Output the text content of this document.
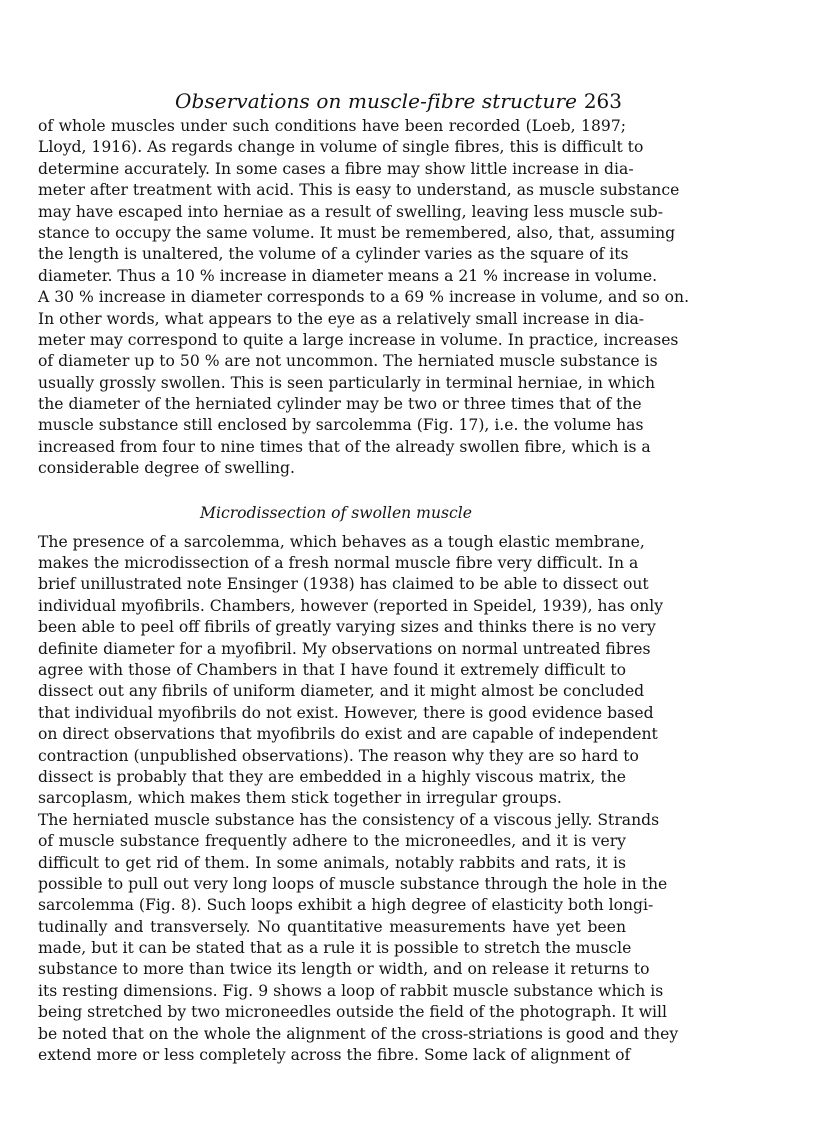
Observations on muscle-fibre structure 263
of whole muscles under such conditions have been recorded (Loeb, 1897;
Lloyd, 1916). As regards change in volume of single fibres, this is difficult to
determine accurately. In some cases a fibre may show little increase in dia-
meter after treatment with acid. This is easy to understand, as muscle substance
may have escaped into herniae as a result of swelling, leaving less muscle sub-
stance to occupy the same volume. It must be remembered, also, that, assuming
the length is unaltered, the volume of a cylinder varies as the square of its
diameter. Thus a 10 % increase in diameter means a 21 % increase in volume.
A 30 % increase in diameter corresponds to a 69 % increase in volume, and so on.
In other words, what appears to the eye as a relatively small increase in dia-
meter may correspond to quite a large increase in volume. In practice, increases
of diameter up to 50 % are not uncommon. The herniated muscle substance is
usually grossly swollen. This is seen particularly in terminal herniae, in which
the diameter of the herniated cylinder may be two or three times that of the
muscle substance still enclosed by sarcolemma (Fig. 17), i.e. the volume has
increased from four to nine times that of the already swollen fibre, which is a
considerable degree of swelling.
Microdissection of swollen muscle
The presence of a sarcolemma, which behaves as a tough elastic membrane,
makes the microdissection of a fresh normal muscle fibre very difficult. In a
brief unillustrated note Ensinger (1938) has claimed to be able to dissect out
individual myofibrils. Chambers, however (reported in Speidel, 1939), has only
been able to peel off fibrils of greatly varying sizes and thinks there is no very
definite diameter for a myofibril. My observations on normal untreated fibres
agree with those of Chambers in that I have found it extremely difficult to
dissect out any fibrils of uniform diameter, and it might almost be concluded
that individual myofibrils do not exist. However, there is good evidence based
on direct observations that myofibrils do exist and are capable of independent
contraction (unpublished observations). The reason why they are so hard to
dissect is probably that they are embedded in a highly viscous matrix, the
sarcoplasm, which makes them stick together in irregular groups.
The herniated muscle substance has the consistency of a viscous jelly. Strands
of muscle substance frequently adhere to the microneedles, and it is very
difficult to get rid of them. In some animals, notably rabbits and rats, it is
possible to pull out very long loops of muscle substance through the hole in the
sarcolemma (Fig. 8). Such loops exhibit a high degree of elasticity both longi-
tudinally and transversely. No quantitative measurements have yet been
made, but it can be stated that as a rule it is possible to stretch the muscle
substance to more than twice its length or width, and on release it returns to
its resting dimensions. Fig. 9 shows a loop of rabbit muscle substance which is
being stretched by two microneedles outside the field of the photograph. It will
be noted that on the whole the alignment of the cross-striations is good and they
extend more or less completely across the fibre. Some lack of alignment of
